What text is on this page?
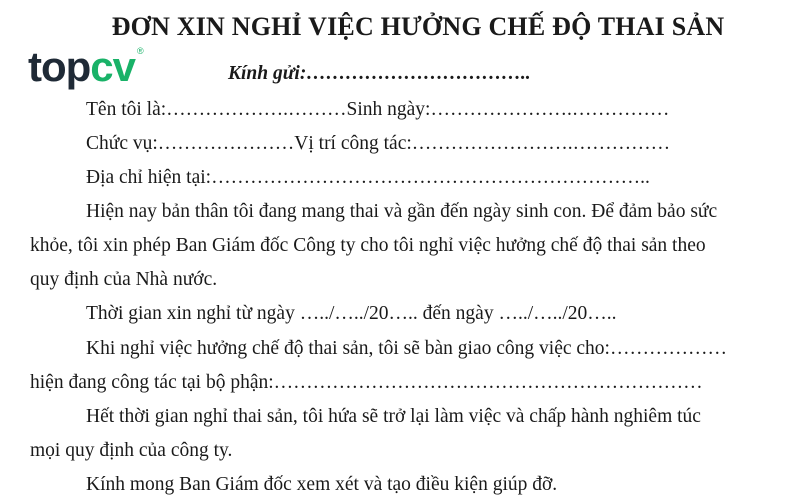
ĐƠN XIN NGHỈ VIỆC HƯỞNG CHẾ ĐỘ THAI SẢN
top cv ®
Kính gửi:……………………………..
Tên tôi là:……………….………Sinh ngày:………………….……………
Chức vụ:…………………Vị trí công tác:…………………….……………
Địa chỉ hiện tại:…………………………………………………………..
Hiện nay bản thân tôi đang mang thai và gần đến ngày sinh con. Để đảm bảo sức
khỏe, tôi xin phép Ban Giám đốc Công ty cho tôi nghỉ việc hưởng chế độ thai sản theo
quy định của Nhà nước.
Thời gian xin nghỉ từ ngày …../…../20….. đến ngày …../…../20…..
Khi nghỉ việc hưởng chế độ thai sản, tôi sẽ bàn giao công việc cho:………………
hiện đang công tác tại bộ phận:…………………………………………………………
Hết thời gian nghỉ thai sản, tôi hứa sẽ trở lại làm việc và chấp hành nghiêm túc
mọi quy định của công ty.
Kính mong Ban Giám đốc xem xét và tạo điều kiện giúp đỡ.
